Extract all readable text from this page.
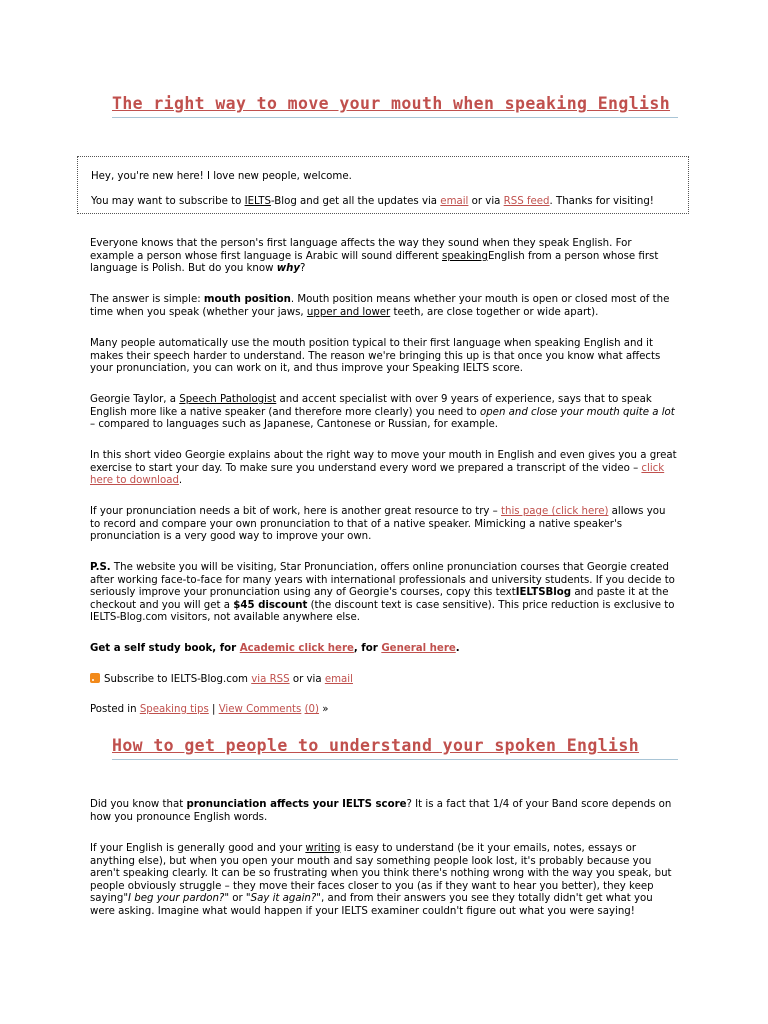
The right way to move your mouth when speaking English

Hey, you're new here! I love new people, welcome.

You may want to subscribe to IELTS-Blog and get all the updates via email or via RSS feed. Thanks for visiting!

Everyone knows that the person's first language affects the way they sound when they speak English. For example a person whose first language is Arabic will sound different speakingEnglish from a person whose first language is Polish. But do you know why?

The answer is simple: mouth position. Mouth position means whether your mouth is open or closed most of the time when you speak (whether your jaws, upper and lower teeth, are close together or wide apart).

Many people automatically use the mouth position typical to their first language when speaking English and it makes their speech harder to understand. The reason we're bringing this up is that once you know what affects your pronunciation, you can work on it, and thus improve your Speaking IELTS score.

Georgie Taylor, a Speech Pathologist and accent specialist with over 9 years of experience, says that to speak English more like a native speaker (and therefore more clearly) you need to open and close your mouth quite a lot – compared to languages such as Japanese, Cantonese or Russian, for example.

In this short video Georgie explains about the right way to move your mouth in English and even gives you a great exercise to start your day. To make sure you understand every word we prepared a transcript of the video – click here to download.

If your pronunciation needs a bit of work, here is another great resource to try – this page (click here) allows you to record and compare your own pronunciation to that of a native speaker. Mimicking a native speaker's pronunciation is a very good way to improve your own.

P.S. The website you will be visiting, Star Pronunciation, offers online pronunciation courses that Georgie created after working face-to-face for many years with international professionals and university students. If you decide to seriously improve your pronunciation using any of Georgie's courses, copy this textIELTSBlog and paste it at the checkout and you will get a $45 discount (the discount text is case sensitive). This price reduction is exclusive to IELTS-Blog.com visitors, not available anywhere else.

Get a self study book, for Academic click here, for General here.

Subscribe to IELTS-Blog.com via RSS or via email

Posted in Speaking tips | View Comments (0) »

How to get people to understand your spoken English

Did you know that pronunciation affects your IELTS score? It is a fact that 1/4 of your Band score depends on how you pronounce English words.

If your English is generally good and your writing is easy to understand (be it your emails, notes, essays or anything else), but when you open your mouth and say something people look lost, it's probably because you aren't speaking clearly. It can be so frustrating when you think there's nothing wrong with the way you speak, but people obviously struggle – they move their faces closer to you (as if they want to hear you better), they keep saying"I beg your pardon?" or "Say it again?", and from their answers you see they totally didn't get what you were asking. Imagine what would happen if your IELTS examiner couldn't figure out what you were saying!
